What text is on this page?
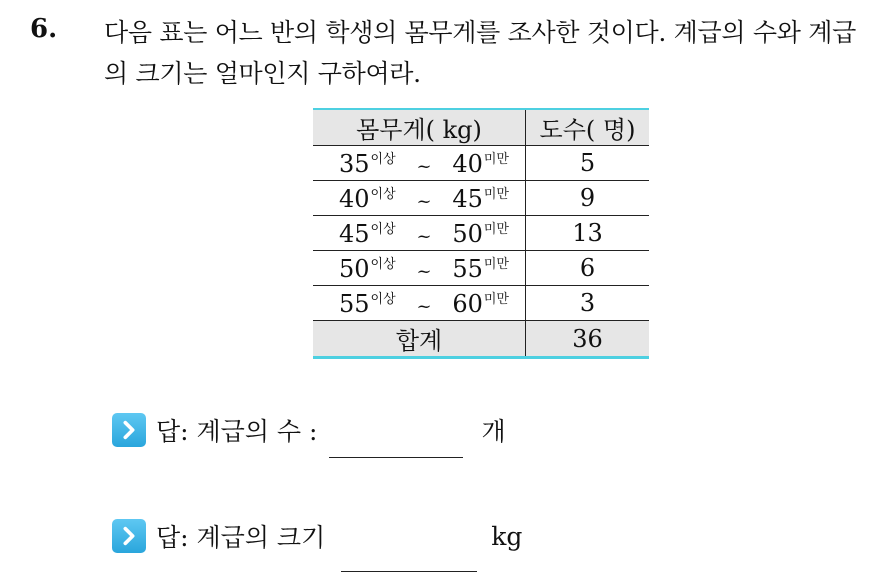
6. 다음 표는 어느 반의 학생의 몸무게를 조사한 것이다. 계급의 수와 계급의 크기는 얼마인지 구하여라.
몸무게( kg)	도수( 명)

$35^{이상}$ ~ $40^{미만}$	5

$40^{이상}$ ~ $45^{미만}$	9

$45^{이상}$ ~ $50^{미만}$	13

$50^{이상}$ ~ $55^{미만}$	6

$55^{이상}$ ~ $60^{미만}$	3
합계	36
답: 계급의 수 :	개
답: 계급의 크기	kg
